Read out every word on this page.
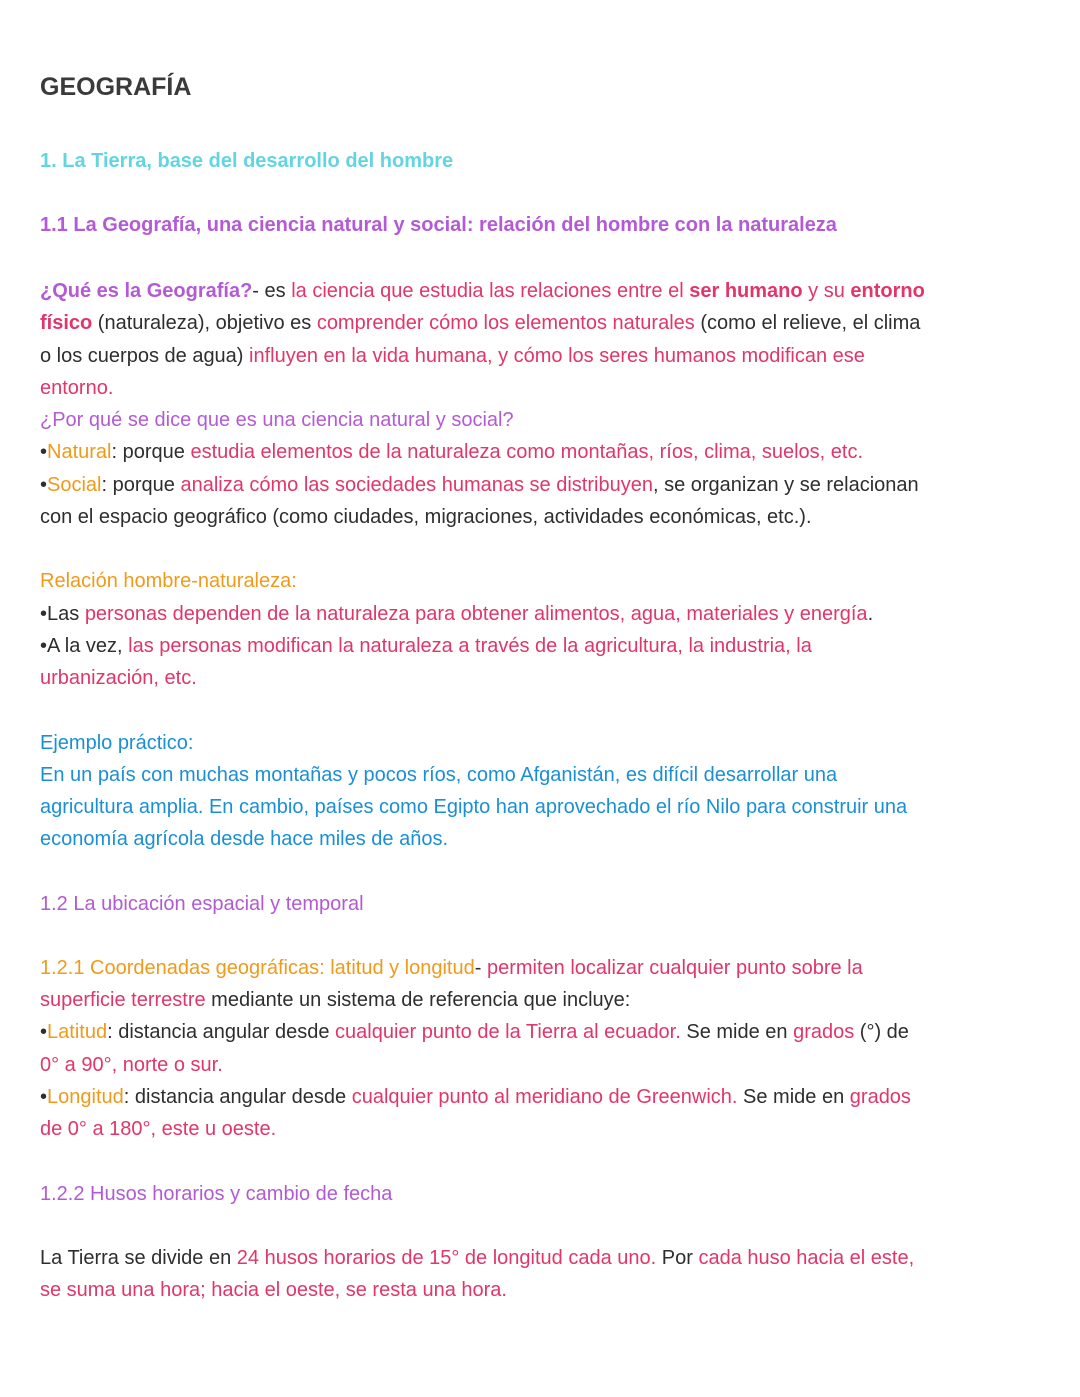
GEOGRAFÍA
1. La Tierra, base del desarrollo del hombre
1.1 La Geografía, una ciencia natural y social: relación del hombre con la naturaleza

¿Qué es la Geografía?- es la ciencia que estudia las relaciones entre el ser humano y su entorno
físico (naturaleza), objetivo es comprender cómo los elementos naturales (como el relieve, el clima
o los cuerpos de agua) influyen en la vida humana, y cómo los seres humanos modifican ese
entorno.

¿Por qué se dice que es una ciencia natural y social?
•Natural: porque estudia elementos de la naturaleza como montañas, ríos, clima, suelos, etc.
•Social: porque analiza cómo las sociedades humanas se distribuyen, se organizan y se relacionan
con el espacio geográfico (como ciudades, migraciones, actividades económicas, etc.).

Relación hombre-naturaleza:
•Las personas dependen de la naturaleza para obtener alimentos, agua, materiales y energía.
•A la vez, las personas modifican la naturaleza a través de la agricultura, la industria, la
urbanización, etc.

Ejemplo práctico:
En un país con muchas montañas y pocos ríos, como Afganistán, es difícil desarrollar una
agricultura amplia. En cambio, países como Egipto han aprovechado el río Nilo para construir una
economía agrícola desde hace miles de años.

1.2 La ubicación espacial y temporal

1.2.1 Coordenadas geográficas: latitud y longitud- permiten localizar cualquier punto sobre la
superficie terrestre mediante un sistema de referencia que incluye:
•Latitud: distancia angular desde cualquier punto de la Tierra al ecuador. Se mide en grados (°) de
0° a 90°, norte o sur.
•Longitud: distancia angular desde cualquier punto al meridiano de Greenwich. Se mide en grados
de 0° a 180°, este u oeste.

1.2.2 Husos horarios y cambio de fecha

La Tierra se divide en 24 husos horarios de 15° de longitud cada uno. Por cada huso hacia el este,
se suma una hora; hacia el oeste, se resta una hora.
